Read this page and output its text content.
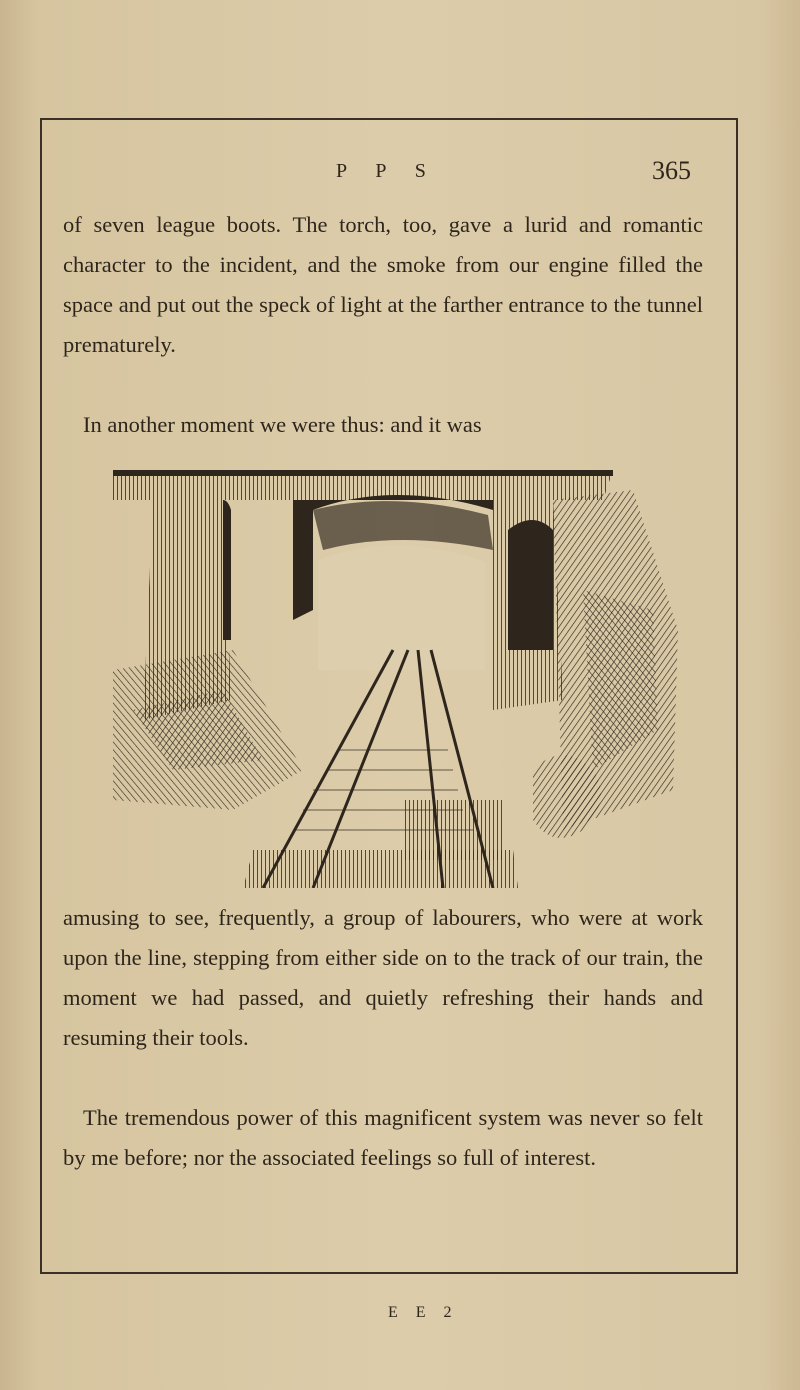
P P S	365
of seven league boots. The torch, too, gave a lurid and romantic character to the incident, and the smoke from our engine filled the space and put out the speck of light at the farther entrance to the tunnel prematurely.
In another moment we were thus: and it was
amusing to see, frequently, a group of labourers, who were at work upon the line, stepping from either side on to the track of our train, the moment we had passed, and quietly refreshing their hands and resuming their tools.
The tremendous power of this magnificent system was never so felt by me before; nor the associated feelings so full of interest.
E E 2
